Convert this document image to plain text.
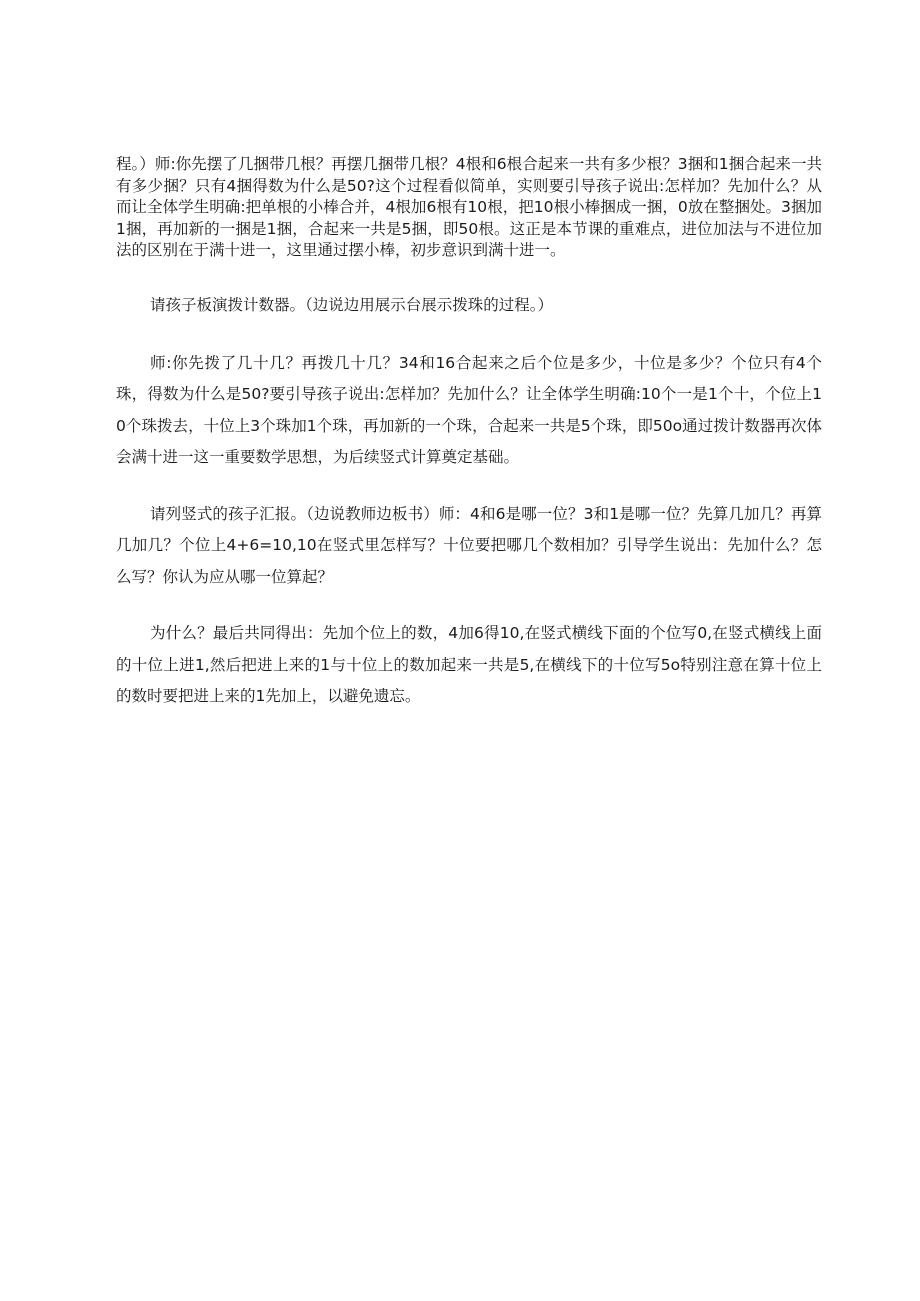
程。）师:你先摆了几捆带几根？再摆几捆带几根？4根和6根合起来一共有多少根？3捆和1捆合起来一共有多少捆？只有4捆得数为什么是50?这个过程看似简单，实则要引导孩子说出:怎样加？先加什么？从而让全体学生明确:把单根的小棒合并，4根加6根有10根，把10根小棒捆成一捆，0放在整捆处。3捆加1捆，再加新的一捆是1捆，合起来一共是5捆，即50根。这正是本节课的重难点，进位加法与不进位加法的区别在于满十进一，这里通过摆小棒，初步意识到满十进一。

请孩子板演拨计数器。（边说边用展示台展示拨珠的过程。）

师:你先拨了几十几？再拨几十几？34和16合起来之后个位是多少，十位是多少？个位只有4个珠，得数为什么是50?要引导孩子说出:怎样加？先加什么？让全体学生明确:10个一是1个十，个位上10个珠拨去，十位上3个珠加1个珠，再加新的一个珠，合起来一共是5个珠，即50o通过拨计数器再次体会满十进一这一重要数学思想，为后续竖式计算奠定基础。

请列竖式的孩子汇报。（边说教师边板书）师：4和6是哪一位？3和1是哪一位？先算几加几？再算几加几？个位上4+6=10,10在竖式里怎样写？十位要把哪几个数相加？引导学生说出：先加什么？怎么写？你认为应从哪一位算起？

为什么？最后共同得出：先加个位上的数，4加6得10,在竖式横线下面的个位写0,在竖式横线上面的十位上进1,然后把进上来的1与十位上的数加起来一共是5,在横线下的十位写5o特别注意在算十位上的数时要把进上来的1先加上，以避免遗忘。
